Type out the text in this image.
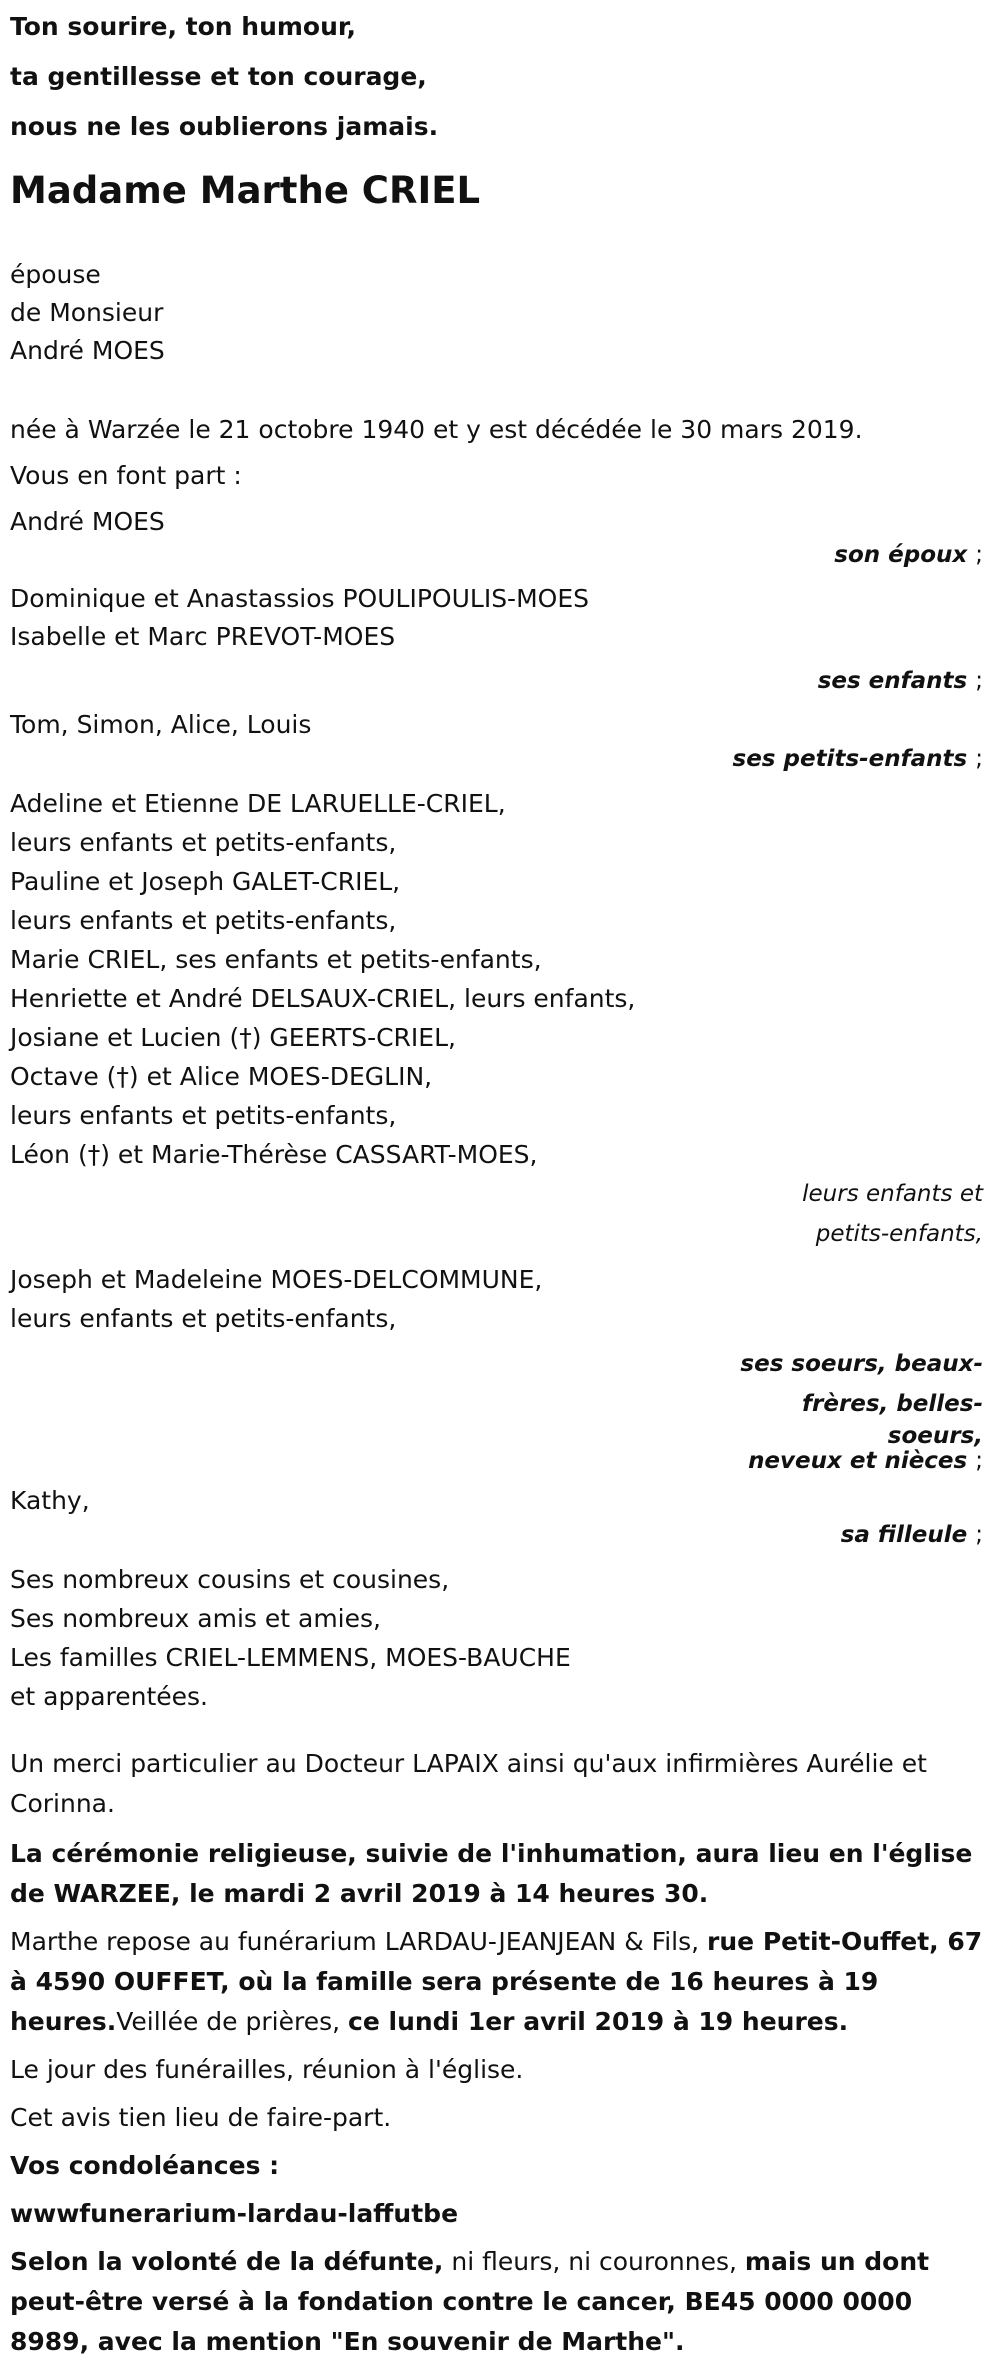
Ton sourire, ton humour,
ta gentillesse et ton courage,
nous ne les oublierons jamais.
Madame Marthe CRIEL
épouse
de Monsieur
André MOES
née à Warzée le 21 octobre 1940 et y est décédée le 30 mars 2019.
Vous en font part :
André MOES
son époux ;
Dominique et Anastassios POULIPOULIS-MOES
Isabelle et Marc PREVOT-MOES
ses enfants ;
Tom, Simon, Alice, Louis
ses petits-enfants ;
Adeline et Etienne DE LARUELLE-CRIEL,
leurs enfants et petits-enfants,
Pauline et Joseph GALET-CRIEL,
leurs enfants et petits-enfants,
Marie CRIEL, ses enfants et petits-enfants,
Henriette et André DELSAUX-CRIEL, leurs enfants,
Josiane et Lucien (†) GEERTS-CRIEL,
Octave (†) et Alice MOES-DEGLIN,
leurs enfants et petits-enfants,
Léon (†) et Marie-Thérèse CASSART-MOES,
leurs enfants et
petits-enfants,
Joseph et Madeleine MOES-DELCOMMUNE,
leurs enfants et petits-enfants,
ses soeurs, beaux-
frères, belles-
soeurs,
neveux et nièces ;
Kathy,
sa filleule ;
Ses nombreux cousins et cousines,
Ses nombreux amis et amies,
Les familles CRIEL-LEMMENS, MOES-BAUCHE
et apparentées.
Un merci particulier au Docteur LAPAIX ainsi qu'aux infirmières Aurélie et Corinna.
La cérémonie religieuse, suivie de l'inhumation, aura lieu en l'église de WARZEE, le mardi 2 avril 2019 à 14 heures 30.
Marthe repose au funérarium LARDAU-JEANJEAN & Fils, rue Petit-Ouffet, 67 à 4590 OUFFET, où la famille sera présente de 16 heures à 19 heures.Veillée de prières, ce lundi 1er avril 2019 à 19 heures.
Le jour des funérailles, réunion à l'église.
Cet avis tien lieu de faire-part.
Vos condoléances :
wwwfunerarium-lardau-laffutbe
Selon la volonté de la défunte, ni fleurs, ni couronnes, mais un dont peut-être versé à la fondation contre le cancer, BE45 0000 0000 8989, avec la mention "En souvenir de Marthe".
